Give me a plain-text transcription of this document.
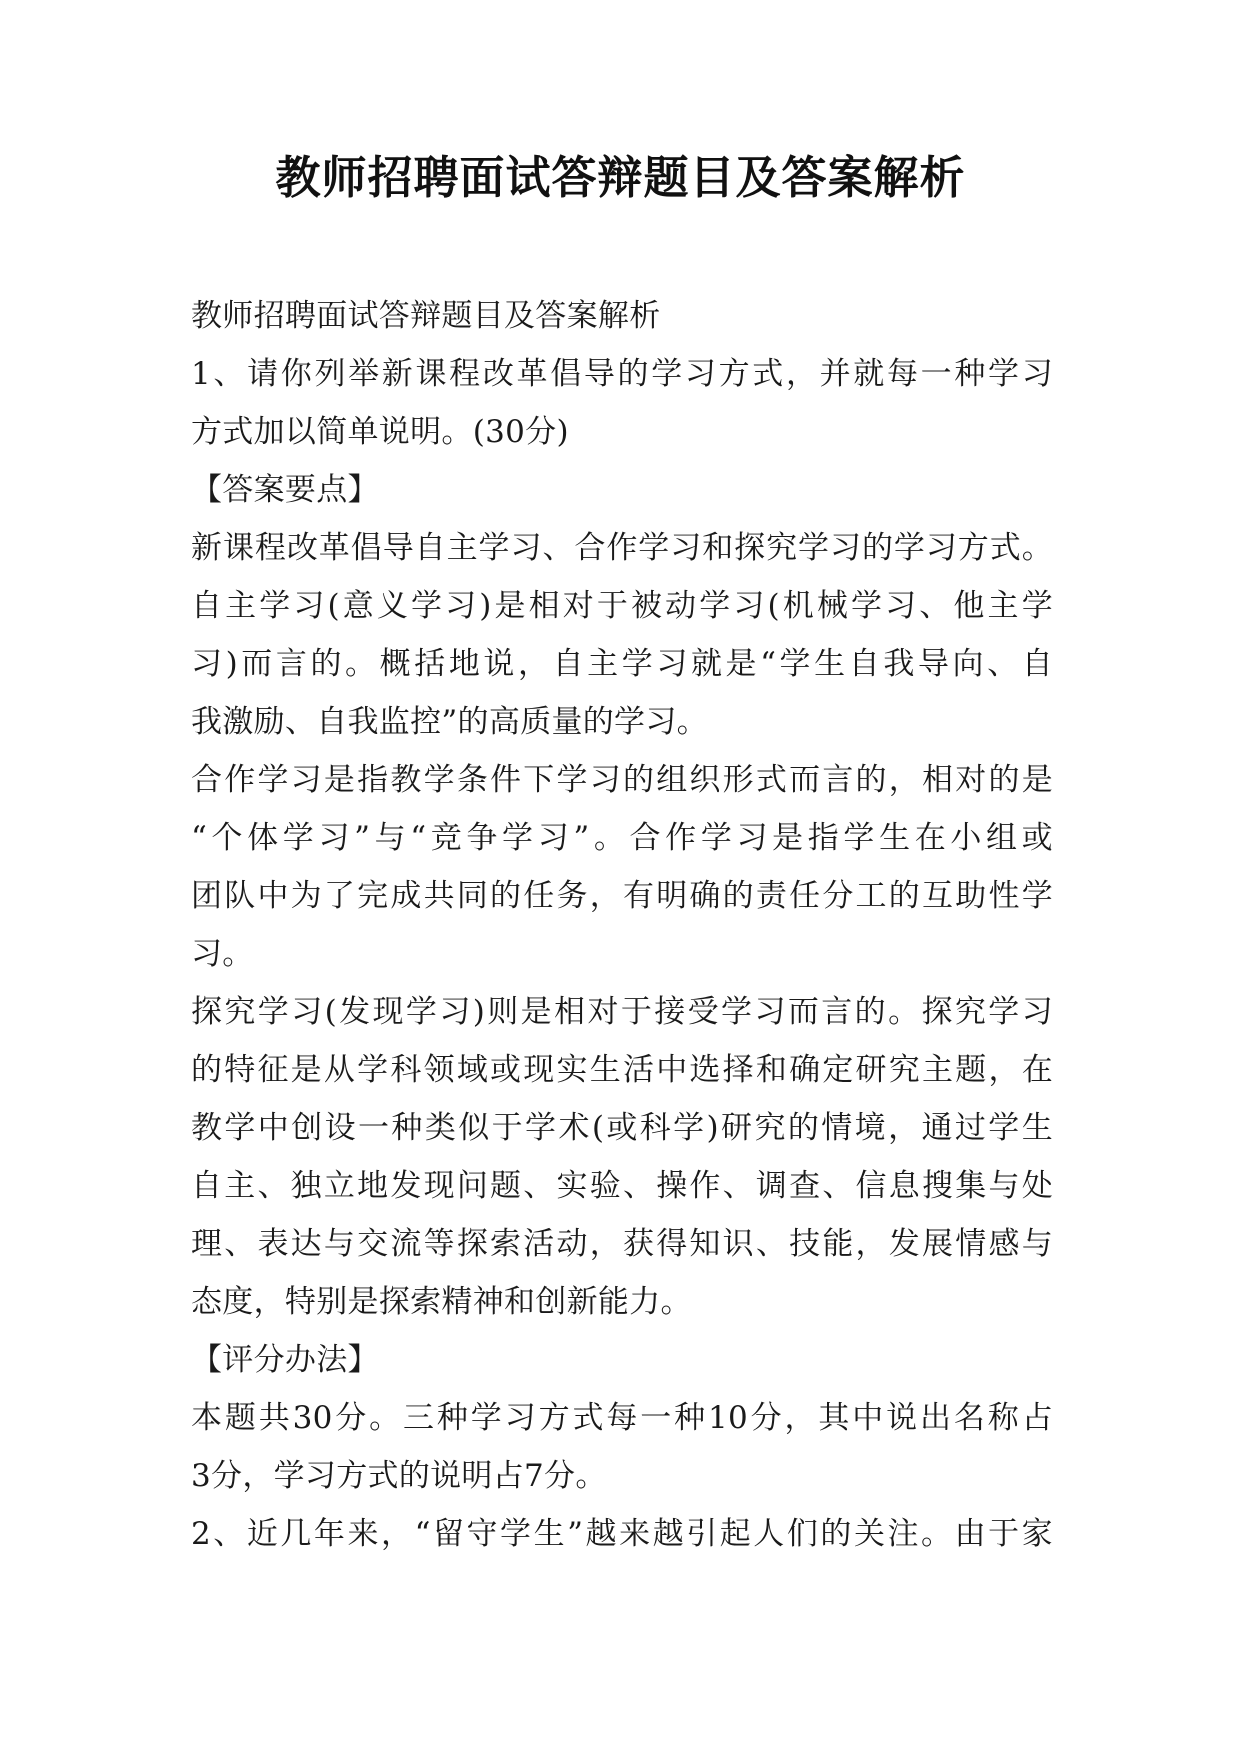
教师招聘面试答辩题目及答案解析
教师招聘面试答辩题目及答案解析
1、请你列举新课程改革倡导的学习方式，并就每一种学习
方式加以简单说明。(30分)
【答案要点】
新课程改革倡导自主学习、合作学习和探究学习的学习方式。
自主学习(意义学习)是相对于被动学习(机械学习、他主学
习)而言的。概括地说，自主学习就是“学生自我导向、自
我激励、自我监控”的高质量的学习。
合作学习是指教学条件下学习的组织形式而言的，相对的是
“个体学习”与“竞争学习”。合作学习是指学生在小组或
团队中为了完成共同的任务，有明确的责任分工的互助性学
习。
探究学习(发现学习)则是相对于接受学习而言的。探究学习
的特征是从学科领域或现实生活中选择和确定研究主题，在
教学中创设一种类似于学术(或科学)研究的情境，通过学生
自主、独立地发现问题、实验、操作、调查、信息搜集与处
理、表达与交流等探索活动，获得知识、技能，发展情感与
态度，特别是探索精神和创新能力。
【评分办法】
本题共30分。三种学习方式每一种10分，其中说出名称占
3分，学习方式的说明占7分。
2、近几年来，“留守学生”越来越引起人们的关注。由于家
